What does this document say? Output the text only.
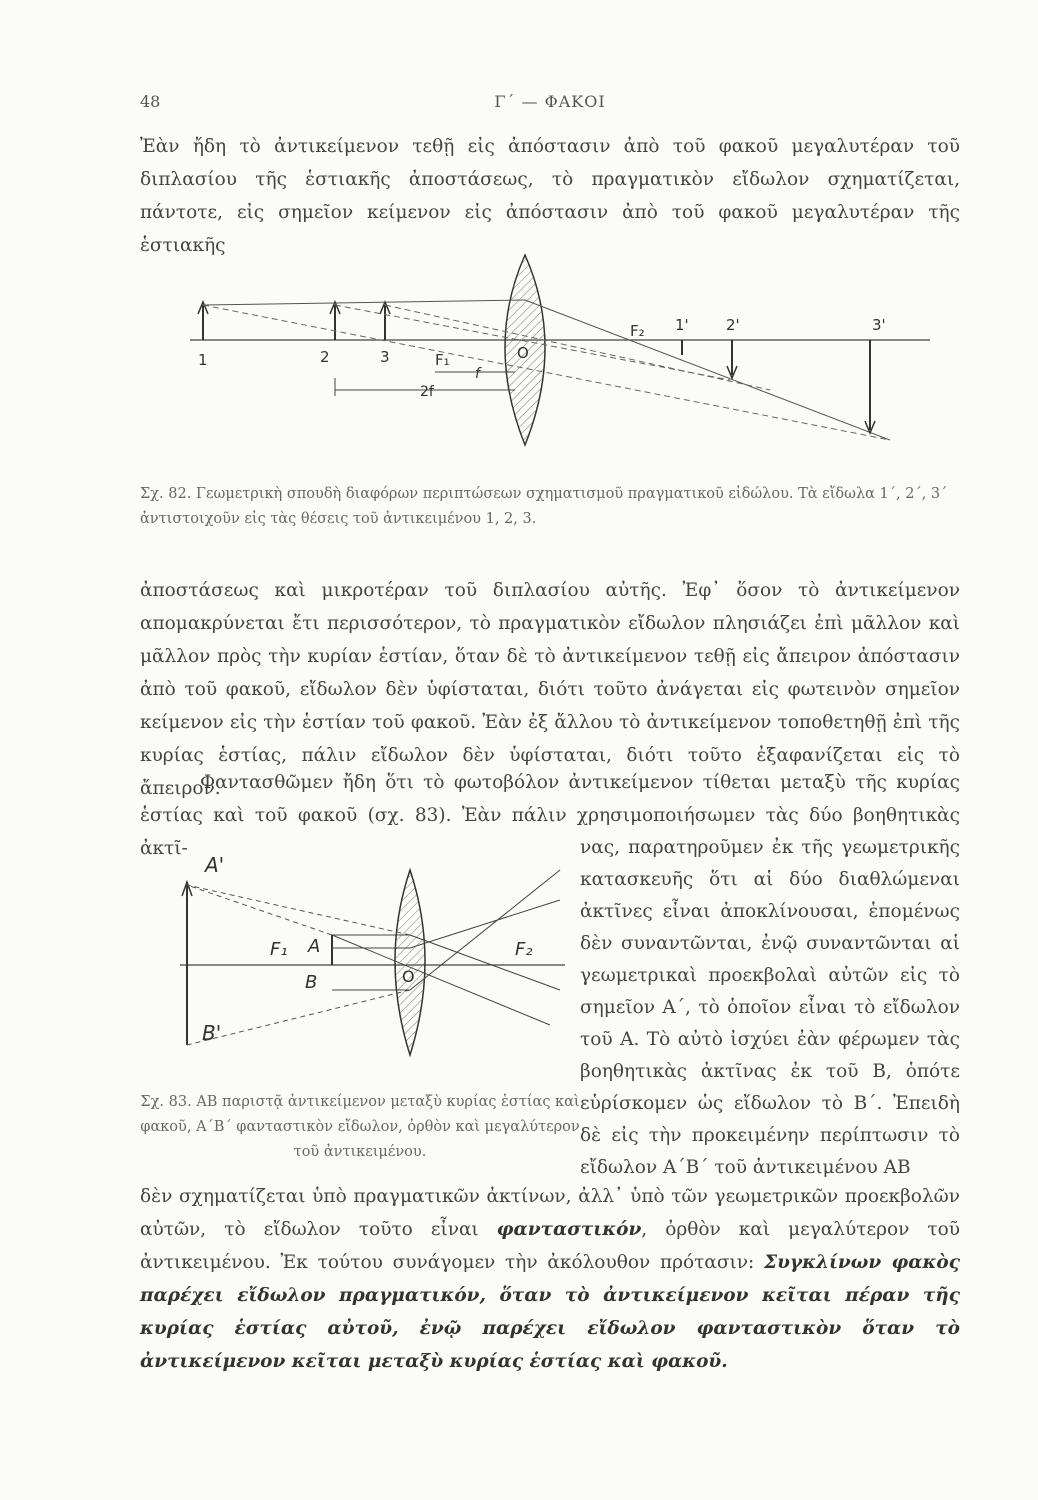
48	Γ΄ — ΦΑΚΟΙ

Ἐὰν ἤδη τὸ ἀντικείμενον τεθῇ εἰς ἀπόστασιν ἀπὸ τοῦ φακοῦ μεγαλυτέραν τοῦ διπλασίου τῆς ἑστιακῆς ἀποστάσεως, τὸ πραγματικὸν εἴδωλον σχηματίζεται, πάντοτε, εἰς σημεῖον κείμενον εἰς ἀπόστασιν ἀπὸ τοῦ φακοῦ μεγαλυτέραν τῆς ἑστιακῆς

1	2	3	F₁
f
2f
O
F₂ 1' 2'	3'

Σχ. 82. Γεωμετρικὴ σπουδὴ διαφόρων περιπτώσεων σχηματισμοῦ πραγματικοῦ εἰδώλου. Τὰ εἴδωλα 1΄, 2΄, 3΄ ἀντιστοιχοῦν εἰς τὰς θέσεις τοῦ ἀντικειμένου 1, 2, 3.

ἀποστάσεως καὶ μικροτέραν τοῦ διπλασίου αὐτῆς. Ἐφ᾽ ὅσον τὸ ἀντικείμενον απομακρύνεται ἔτι περισσότερον, τὸ πραγματικὸν εἴδωλον πλησιάζει ἐπὶ μᾶλλον καὶ μᾶλλον πρὸς τὴν κυρίαν ἑστίαν, ὅταν δὲ τὸ ἀντικείμενον τεθῇ εἰς ἄπειρον ἀπόστασιν ἀπὸ τοῦ φακοῦ, εἴδωλον δὲν ὑφίσταται, διότι τοῦτο ἀνάγεται εἰς φωτεινὸν σημεῖον κείμενον εἰς τὴν ἑστίαν τοῦ φακοῦ. Ἐὰν ἐξ ἄλλου τὸ ἀντικείμενον τοποθετηθῇ ἐπὶ τῆς κυρίας ἑστίας, πάλιν εἴδωλον δὲν ὑφίσταται, διότι τοῦτο ἐξαφανίζεται εἰς τὸ ἄπειρον.

Φαντασθῶμεν ἤδη ὅτι τὸ φωτοβόλον ἀντικείμενον τίθεται μεταξὺ τῆς κυρίας ἑστίας καὶ τοῦ φακοῦ (σχ. 83). Ἐὰν πάλιν χρησιμοποιήσωμεν τὰς δύο βοηθητικὰς ἀκτῖ-

A'
B'
F₁ A
B	O
F₂

Σχ. 83. ΑΒ παριστᾷ ἀντικείμενον μεταξὺ κυρίας ἑστίας καὶ φακοῦ, Α΄Β΄ φανταστικὸν εἴδωλον, ὀρθὸν καὶ μεγαλύτερον τοῦ ἀντικειμένου.

νας, παρατηροῦμεν ἐκ τῆς γεωμετρικῆς κατασκευῆς ὅτι αἱ δύο διαθλώμεναι ἀκτῖνες εἶναι ἀποκλίνουσαι, ἑπομένως δὲν συναντῶνται, ἐνῷ συναντῶνται αἱ γεωμετρικαὶ προεκβολαὶ αὐτῶν εἰς τὸ σημεῖον Α΄, τὸ ὁποῖον εἶναι τὸ εἴδωλον τοῦ Α. Τὸ αὐτὸ ἰσχύει ἐὰν φέρωμεν τὰς βοηθητικὰς ἀκτῖνας ἐκ τοῦ Β, ὁπότε εὑρίσκομεν ὡς εἴδωλον τὸ Β΄. Ἐπειδὴ δὲ εἰς τὴν προκειμένην περίπτωσιν τὸ εἴδωλον Α΄Β΄ τοῦ ἀντικειμένου ΑΒ

δὲν σχηματίζεται ὑπὸ πραγματικῶν ἀκτίνων, ἀλλ᾽ ὑπὸ τῶν γεωμετρικῶν προεκβολῶν αὐτῶν, τὸ εἴδωλον τοῦτο εἶναι φανταστικόν, ὀρθὸν καὶ μεγαλύτερον τοῦ ἀντικειμένου. Ἐκ τούτου συνάγομεν τὴν ἀκόλουθον πρότασιν: Συγκλίνων φακὸς παρέχει εἴδωλον πραγματικόν, ὅταν τὸ ἀντικείμενον κεῖται πέραν τῆς κυρίας ἑστίας αὐτοῦ, ἐνῷ παρέχει εἴδωλον φανταστικὸν ὅταν τὸ ἀντικείμενον κεῖται μεταξὺ κυρίας ἑστίας καὶ φακοῦ.
